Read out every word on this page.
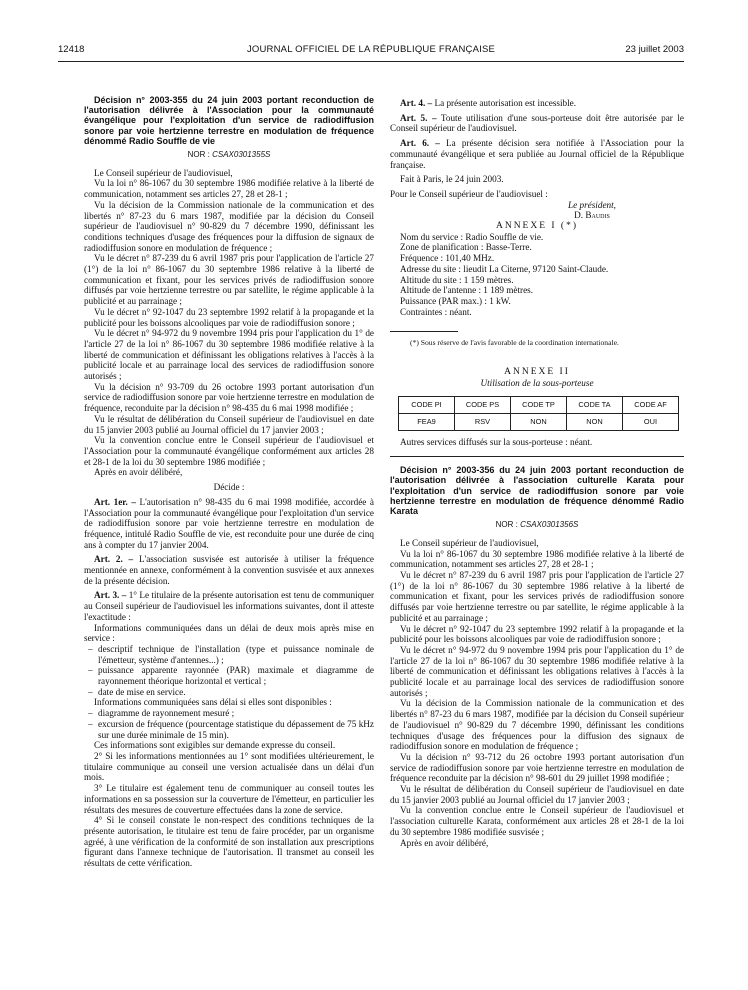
12418	JOURNAL OFFICIEL DE LA RÉPUBLIQUE FRANÇAISE	23 juillet 2003

Décision n° 2003-355 du 24 juin 2003 portant reconduction de l'autorisation délivrée à l'Association pour la communauté évangélique pour l'exploitation d'un service de radiodiffusion sonore par voie hertzienne terrestre en modulation de fréquence dénommé Radio Souffle de vie

NOR : CSAX0301355S

Le Conseil supérieur de l'audiovisuel,

Vu la loi n° 86-1067 du 30 septembre 1986 modifiée relative à la liberté de communication, notamment ses articles 27, 28 et 28-1 ;

Vu la décision de la Commission nationale de la communication et des libertés n° 87-23 du 6 mars 1987, modifiée par la décision du Conseil supérieur de l'audiovisuel n° 90-829 du 7 décembre 1990, définissant les conditions techniques d'usage des fréquences pour la diffusion de signaux de radiodiffusion sonore en modulation de fréquence ;

Vu le décret n° 87-239 du 6 avril 1987 pris pour l'application de l'article 27 (1°) de la loi n° 86-1067 du 30 septembre 1986 relative à la liberté de communication et fixant, pour les services privés de radiodiffusion sonore diffusés par voie hertzienne terrestre ou par satellite, le régime applicable à la publicité et au parrainage ;

Vu le décret n° 92-1047 du 23 septembre 1992 relatif à la propagande et la publicité pour les boissons alcooliques par voie de radiodiffusion sonore ;

Vu le décret n° 94-972 du 9 novembre 1994 pris pour l'application du 1° de l'article 27 de la loi n° 86-1067 du 30 septembre 1986 modifiée relative à la liberté de communication et définissant les obligations relatives à l'accès à la publicité locale et au parrainage local des services de radiodiffusion sonore autorisés ;

Vu la décision n° 93-709 du 26 octobre 1993 portant autorisation d'un service de radiodiffusion sonore par voie hertzienne terrestre en modulation de fréquence, reconduite par la décision n° 98-435 du 6 mai 1998 modifiée ;

Vu le résultat de délibération du Conseil supérieur de l'audiovisuel en date du 15 janvier 2003 publié au Journal officiel du 17 janvier 2003 ;

Vu la convention conclue entre le Conseil supérieur de l'audiovisuel et l'Association pour la communauté évangélique conformément aux articles 28 et 28-1 de la loi du 30 septembre 1986 modifiée ;

Après en avoir délibéré,

Décide :

Art. 1er. – L'autorisation n° 98-435 du 6 mai 1998 modifiée, accordée à l'Association pour la communauté évangélique pour l'exploitation d'un service de radiodiffusion sonore par voie hertzienne terrestre en modulation de fréquence, intitulé Radio Souffle de vie, est reconduite pour une durée de cinq ans à compter du 17 janvier 2004.

Art. 2. – L'association susvisée est autorisée à utiliser la fréquence mentionnée en annexe, conformément à la convention susvisée et aux annexes de la présente décision.

Art. 3. – 1° Le titulaire de la présente autorisation est tenu de communiquer au Conseil supérieur de l'audiovisuel les informations suivantes, dont il atteste l'exactitude :

Informations communiquées dans un délai de deux mois après mise en service :

– descriptif technique de l'installation (type et puissance nominale de l'émetteur, système d'antennes...) ;

– puissance apparente rayonnée (PAR) maximale et diagramme de rayonnement théorique horizontal et vertical ;

– date de mise en service.

Informations communiquées sans délai si elles sont disponibles :

– diagramme de rayonnement mesuré ;

– excursion de fréquence (pourcentage statistique du dépassement de 75 kHz sur une durée minimale de 15 min).

Ces informations sont exigibles sur demande expresse du conseil.

2° Si les informations mentionnées au 1° sont modifiées ultérieurement, le titulaire communique au conseil une version actualisée dans un délai d'un mois.

3° Le titulaire est également tenu de communiquer au conseil toutes les informations en sa possession sur la couverture de l'émetteur, en particulier les résultats des mesures de couverture effectuées dans la zone de service.

4° Si le conseil constate le non-respect des conditions techniques de la présente autorisation, le titulaire est tenu de faire procéder, par un organisme agréé, à une vérification de la conformité de son installation aux prescriptions figurant dans l'annexe technique de l'autorisation. Il transmet au conseil les résultats de cette vérification.

Art. 4. – La présente autorisation est incessible.

Art. 5. – Toute utilisation d'une sous-porteuse doit être autorisée par le Conseil supérieur de l'audiovisuel.

Art. 6. – La présente décision sera notifiée à l'Association pour la communauté évangélique et sera publiée au Journal officiel de la République française.

Fait à Paris, le 24 juin 2003.

Pour le Conseil supérieur de l'audiovisuel :

Le président,

D. Baudis

ANNEXE I (*)

Nom du service : Radio Souffle de vie.

Zone de planification : Basse-Terre.

Fréquence : 101,40 MHz.

Adresse du site : lieudit La Citerne, 97120 Saint-Claude.

Altitude du site : 1 159 mètres.

Altitude de l'antenne : 1 189 mètres.

Puissance (PAR max.) : 1 kW.

Contraintes : néant.

(*) Sous réserve de l'avis favorable de la coordination internationale.

ANNEXE II

Utilisation de la sous-porteuse

CODE PI	CODE PS	CODE TP	CODE TA	CODE AF
FEA9	RSV	NON	NON	OUI

Autres services diffusés sur la sous-porteuse : néant.

Décision n° 2003-356 du 24 juin 2003 portant reconduction de l'autorisation délivrée à l'association culturelle Karata pour l'exploitation d'un service de radiodiffusion sonore par voie hertzienne terrestre en modulation de fréquence dénommé Radio Karata

NOR : CSAX0301356S

Le Conseil supérieur de l'audiovisuel,

Vu la loi n° 86-1067 du 30 septembre 1986 modifiée relative à la liberté de communication, notamment ses articles 27, 28 et 28-1 ;

Vu le décret n° 87-239 du 6 avril 1987 pris pour l'application de l'article 27 (1°) de la loi n° 86-1067 du 30 septembre 1986 relative à la liberté de communication et fixant, pour les services privés de radiodiffusion sonore diffusés par voie hertzienne terrestre ou par satellite, le régime applicable à la publicité et au parrainage ;

Vu le décret n° 92-1047 du 23 septembre 1992 relatif à la propagande et la publicité pour les boissons alcooliques par voie de radiodiffusion sonore ;

Vu le décret n° 94-972 du 9 novembre 1994 pris pour l'application du 1° de l'article 27 de la loi n° 86-1067 du 30 septembre 1986 modifiée relative à la liberté de communication et définissant les obligations relatives à l'accès à la publicité locale et au parrainage local des services de radiodiffusion sonore autorisés ;

Vu la décision de la Commission nationale de la communication et des libertés n° 87-23 du 6 mars 1987, modifiée par la décision du Conseil supérieur de l'audiovisuel n° 90-829 du 7 décembre 1990, définissant les conditions techniques d'usage des fréquences pour la diffusion des signaux de radiodiffusion sonore en modulation de fréquence ;

Vu la décision n° 93-712 du 26 octobre 1993 portant autorisation d'un service de radiodiffusion sonore par voie hertzienne terrestre en modulation de fréquence reconduite par la décision n° 98-601 du 29 juillet 1998 modifiée ;

Vu le résultat de délibération du Conseil supérieur de l'audiovisuel en date du 15 janvier 2003 publié au Journal officiel du 17 janvier 2003 ;

Vu la convention conclue entre le Conseil supérieur de l'audiovisuel et l'association culturelle Karata, conformément aux articles 28 et 28-1 de la loi du 30 septembre 1986 modifiée susvisée ;

Après en avoir délibéré,
